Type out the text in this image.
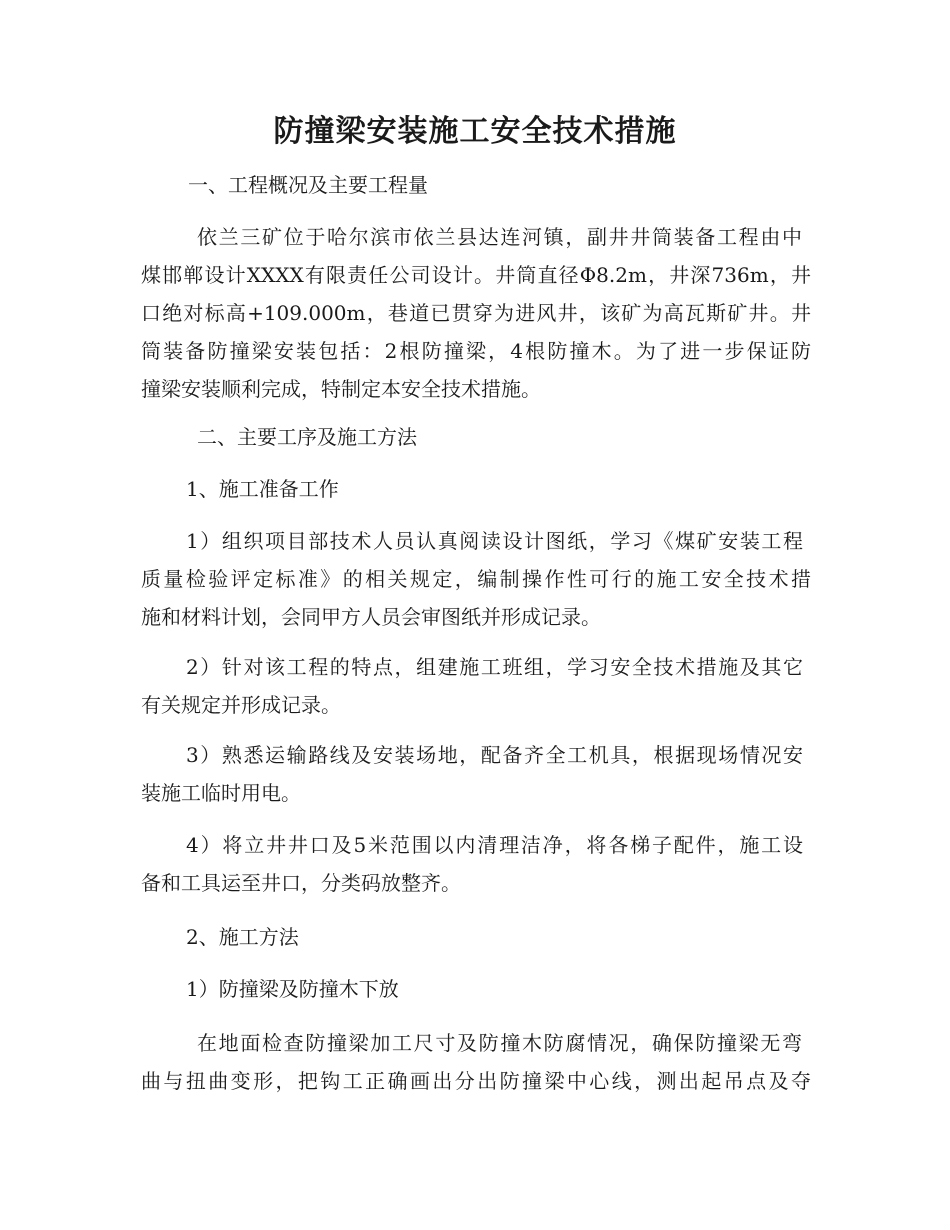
防撞梁安装施工安全技术措施
一、工程概况及主要工程量
依兰三矿位于哈尔滨市依兰县达连河镇，副井井筒装备工程由中
煤邯郸设计XXXX有限责任公司设计。井筒直径Φ8.2m，井深736m，井
口绝对标高+109.000m，巷道已贯穿为进风井，该矿为高瓦斯矿井。井
筒装备防撞梁安装包括：2根防撞梁，4根防撞木。为了进一步保证防
撞梁安装顺利完成，特制定本安全技术措施。
二、主要工序及施工方法
1、施工准备工作
1）组织项目部技术人员认真阅读设计图纸，学习《煤矿安装工程
质量检验评定标准》的相关规定，编制操作性可行的施工安全技术措
施和材料计划，会同甲方人员会审图纸并形成记录。
2）针对该工程的特点，组建施工班组，学习安全技术措施及其它
有关规定并形成记录。
3）熟悉运输路线及安装场地，配备齐全工机具，根据现场情况安
装施工临时用电。
4）将立井井口及5米范围以内清理洁净，将各梯子配件，施工设
备和工具运至井口，分类码放整齐。
2、施工方法
1）防撞梁及防撞木下放
在地面检查防撞梁加工尺寸及防撞木防腐情况，确保防撞梁无弯
曲与扭曲变形，把钩工正确画出分出防撞梁中心线，测出起吊点及夺
